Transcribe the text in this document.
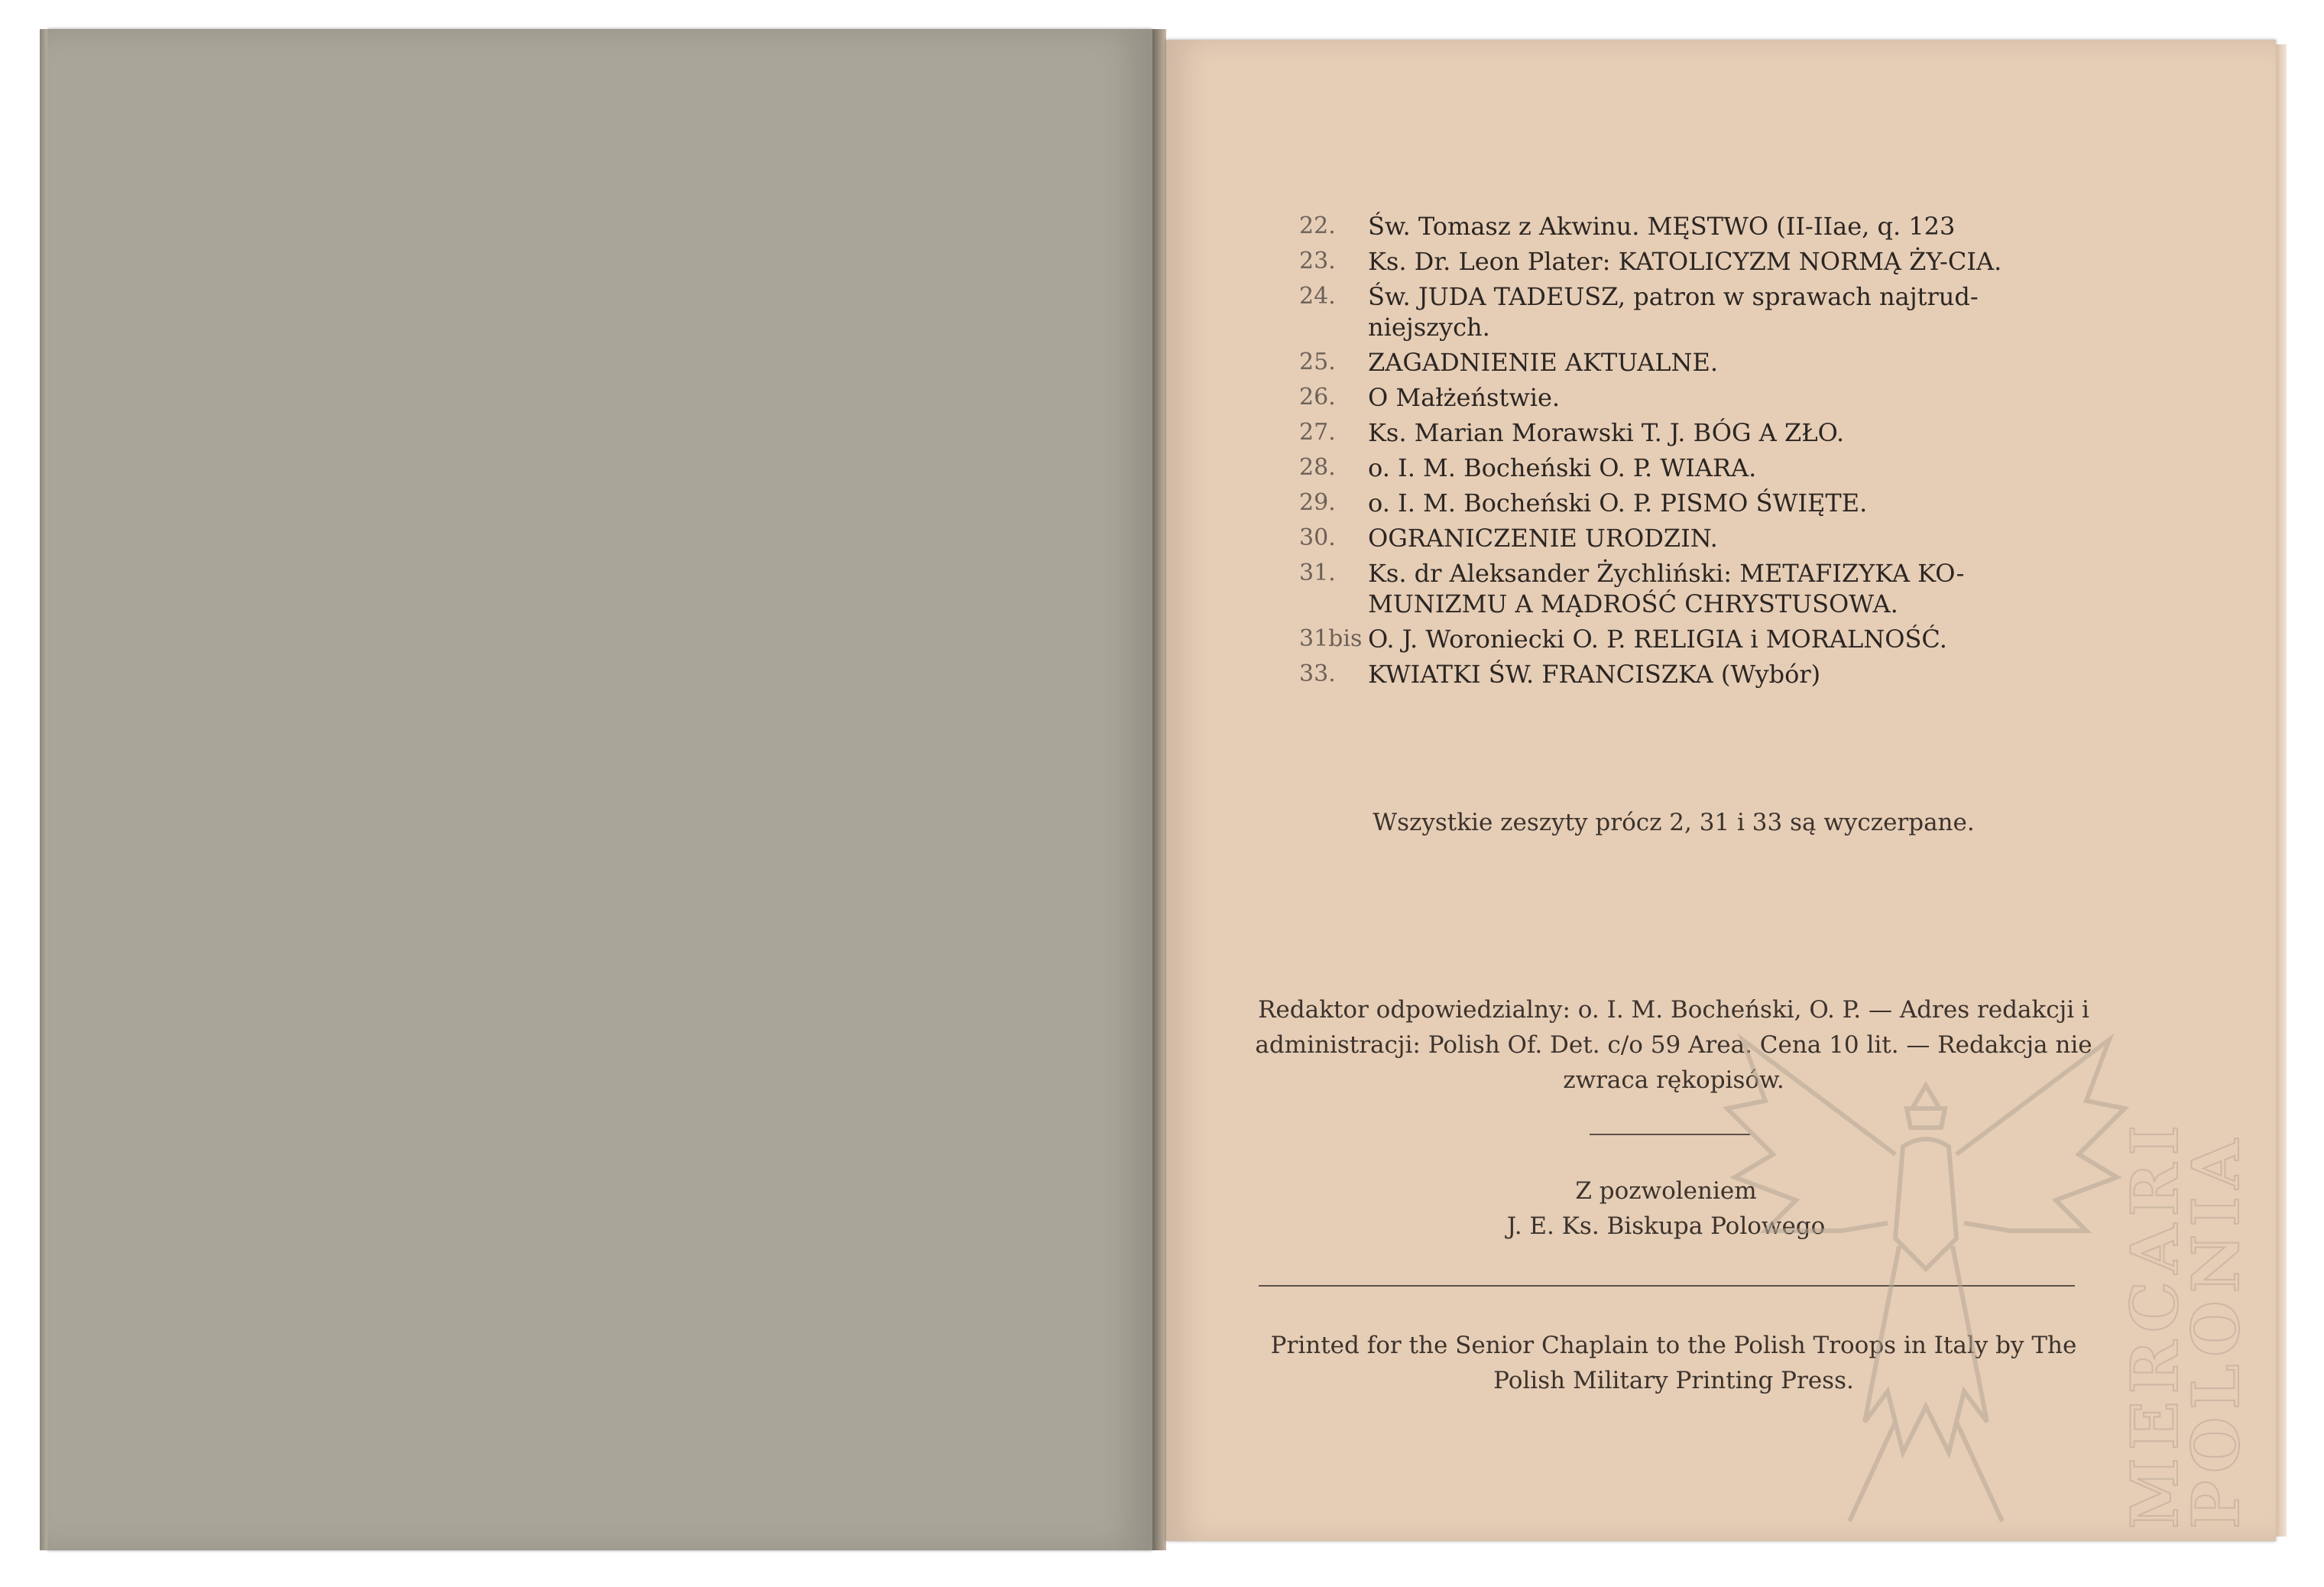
22.	Św. Tomasz z Akwinu. MĘSTWO (II-IIae, q. 123
23.	Ks. Dr. Leon Plater: KATOLICYZM NORMĄ ŻY-CIA.
24.	Św. JUDA TADEUSZ, patron w sprawach najtrud-niejszych.
25.	ZAGADNIENIE AKTUALNE.
26.	O Małżeństwie.
27.	Ks. Marian Morawski T. J. BÓG A ZŁO.
28.	o. I. M. Bocheński O. P. WIARA.
29.	o. I. M. Bocheński O. P. PISMO ŚWIĘTE.
30.	OGRANICZENIE URODZIN.
31.	Ks. dr Aleksander Żychliński: METAFIZYKA KO-MUNIZMU A MĄDROŚĆ CHRYSTUSOWA.
31bis O. J. Woroniecki O. P. RELIGIA i MORALNOŚĆ.
33.	KWIATKI ŚW. FRANCISZKA (Wybór)
Wszystkie zeszyty prócz 2, 31 i 33 są wyczerpane.
Redaktor odpowiedzialny: o. I. M. Bocheński, O. P. — Adres redakcji i administracji: Polish Of. Det. c/o 59 Area. Cena 10 lit. — Redakcja nie zwraca rękopisów.
Z pozwoleniem
J. E. Ks. Biskupa Polowego
Printed for the Senior Chaplain to the Polish Troops in Italy by The Polish Military Printing Press.	MERCARI
POLONIA
